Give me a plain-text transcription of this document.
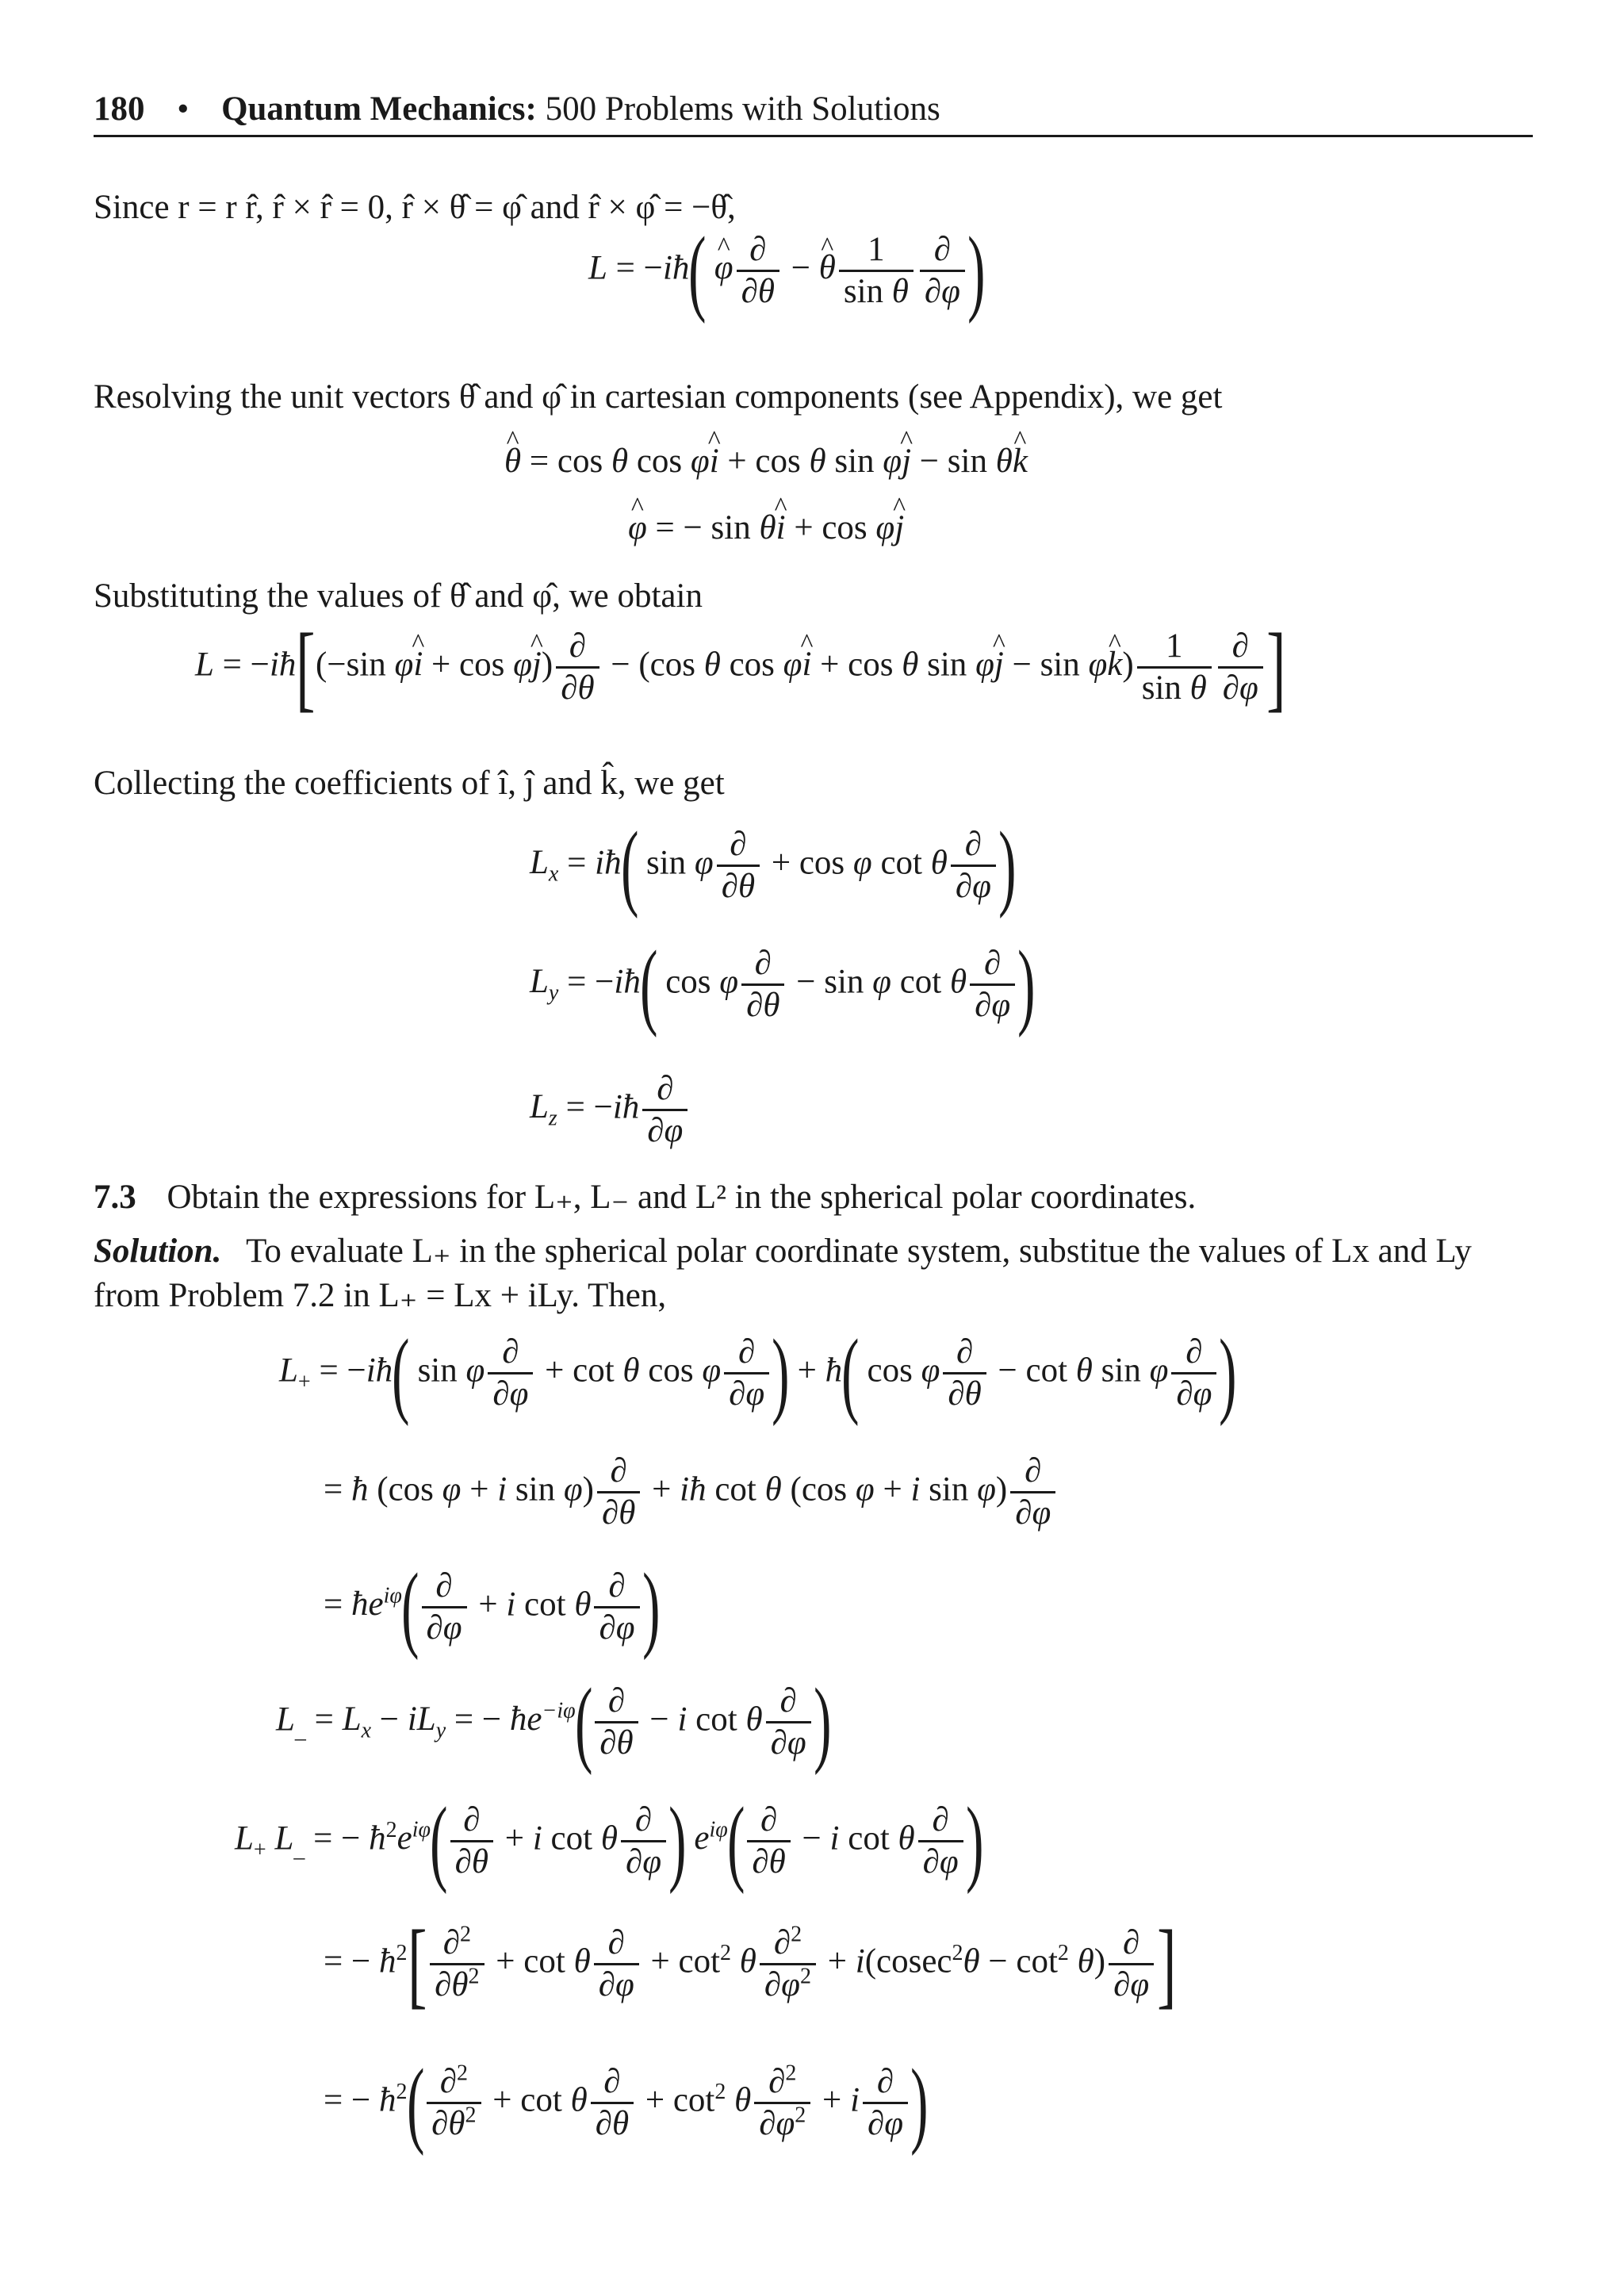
180 • Quantum Mechanics: 500 Problems with Solutions
Since r = r r̂, r̂ × r̂ = 0, r̂ × θ̂ = φ̂ and r̂ × φ̂ = −θ̂,
L = −iħ( ^ φ $\frac{\partial}{\partial\theta}$ − ^ θ $\frac{1}{\text{sin θ}} \frac{\partial}{\partial\varphi}$ )
Resolving the unit vectors θ̂ and φ̂ in cartesian components (see Appendix), we get
^ θ = cos θ cos φ^ i + cos θ sin φ^ j − sin θ^ k
^ φ = − sin θ^ i + cos φ^ j
Substituting the values of θ̂ and φ̂, we obtain
L = −iħ[(−sin φ^ i + cos φ^ $j) \frac{\partial}{\partial\theta} - (\cos$ θ cos φ^ i + cos θ sin φ^ j − sin φ^ $k) \frac{1}{\text{sin θ}} \frac{\partial}{\partial\varphi}$ ]
Collecting the coefficients of î, ĵ and k̂, we get
$L_x$ = iħ( sin φ $\frac{\partial}{\partial\theta} + \cos \varphi$ cot θ $\frac{\partial}{\partial\varphi}$ )
$L_y$ = −iħ( cos φ $\frac{\partial}{\partial\theta} - \sin \varphi$ cot θ $\frac{\partial}{\partial\varphi}$ )
$L_z$ = −iħ $\frac{\partial}{\partial\varphi}$
7.3 Obtain the expressions for L₊, L₋ and L² in the spherical polar coordinates.
Solution. To evaluate L₊ in the spherical polar coordinate system, substitue the values of Lx and Ly
from Problem 7.2 in L₊ = Lx + iLy. Then,
$L_+$ = −iħ( sin φ $\frac{\partial}{\partial\varphi} + \cot \theta$ cos φ $\frac{\partial}{\partial\varphi}$ ) + ħ( cos φ $\frac{\partial}{\partial\theta} - \cot \theta$ sin φ $\frac{\partial}{\partial\varphi}$ )
= ħ (cos φ + i $\sin \varphi) \frac{\partial}{\partial\theta}$ + iħ cot θ (cos φ + i $\sin \varphi) \frac{\partial}{\partial\varphi}$
= $ħe^{i\varphi}( \frac{\partial}{\partial\varphi} + i$ cot θ $\frac{\partial}{\partial\varphi}$ )
$L_{\_} = L_x - iL_y$ = − $ħe^{-i\varphi}( \frac{\partial}{\partial\theta} - i$ cot θ $\frac{\partial}{\partial\varphi}$ )
$L_+$ $L_{\_}$ = − $ħ^2e^{i\varphi}( \frac{\partial}{\partial\theta} + i$ cot θ $\frac{\partial}{\partial\varphi}$ ) $e^{i\varphi}( \frac{\partial}{\partial\theta} - i$ cot θ $\frac{\partial}{\partial\varphi}$ )
= − $ħ^2[ \frac{\partial^2}{\partial\theta^2} + \cot \theta \frac{\partial}{\partial\varphi} + \cot^2 \theta \frac{\partial^2}{\partial\varphi^2} + i(cosec^2\theta - \cot^2 \theta) \frac{\partial}{\partial\varphi}$ ]
= − $ħ^2( \frac{\partial^2}{\partial\theta^2} + \cot \theta \frac{\partial}{\partial\theta} + \cot^2 \theta \frac{\partial^2}{\partial\varphi^2} + i \frac{\partial}{\partial\varphi}$ )
